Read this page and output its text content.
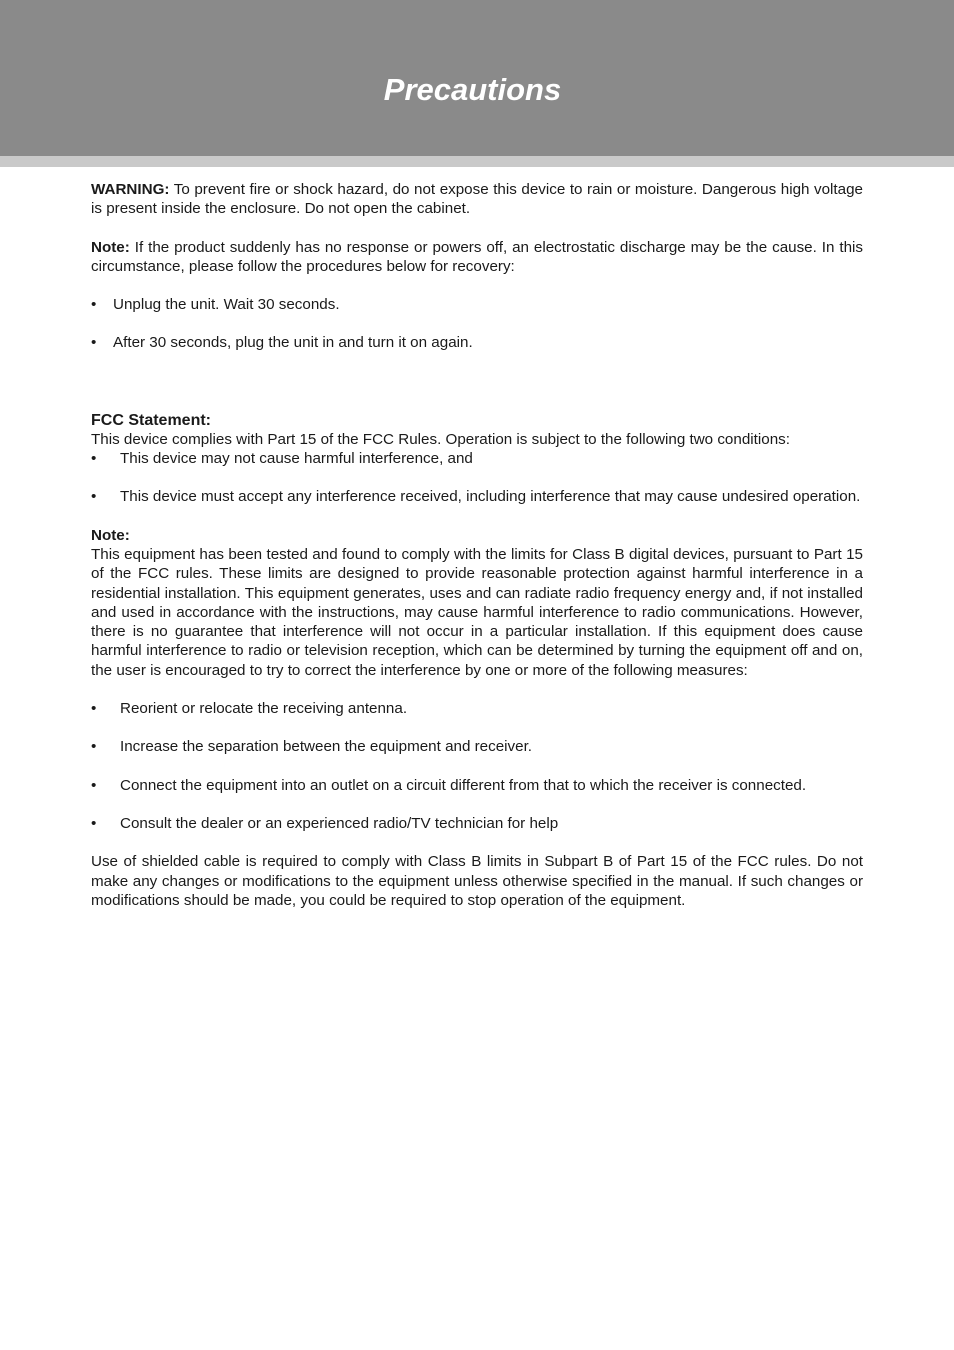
Precautions

WARNING: To prevent fire or shock hazard, do not expose this device to rain or moisture. Dangerous high voltage is present inside the enclosure. Do not open the cabinet.

Note: If the product suddenly has no response or powers off, an electrostatic discharge may be the cause. In this circumstance, please follow the procedures below for recovery:

• Unplug the unit. Wait 30 seconds.

• After 30 seconds, plug the unit in and turn it on again.

FCC Statement:

This device complies with Part 15 of the FCC Rules. Operation is subject to the following two conditions:

• This device may not cause harmful interference, and

• This device must accept any interference received, including interference that may cause undesired operation.

Note:

This equipment has been tested and found to comply with the limits for Class B digital devices, pursuant to Part 15 of the FCC rules. These limits are designed to provide reasonable protection against harmful interference in a residential installation. This equipment generates, uses and can radiate radio frequency energy and, if not installed and used in accordance with the instructions, may cause harmful interference to radio communications. However, there is no guarantee that interference will not occur in a particular installation. If this equipment does cause harmful interference to radio or television reception, which can be determined by turning the equipment off and on, the user is encouraged to try to correct the interference by one or more of the following measures:

• Reorient or relocate the receiving antenna.

• Increase the separation between the equipment and receiver.

• Connect the equipment into an outlet on a circuit different from that to which the receiver is connected.

• Consult the dealer or an experienced radio/TV technician for help

Use of shielded cable is required to comply with Class B limits in Subpart B of Part 15 of the FCC rules. Do not make any changes or modifications to the equipment unless otherwise specified in the manual. If such changes or modifications should be made, you could be required to stop operation of the equipment.
